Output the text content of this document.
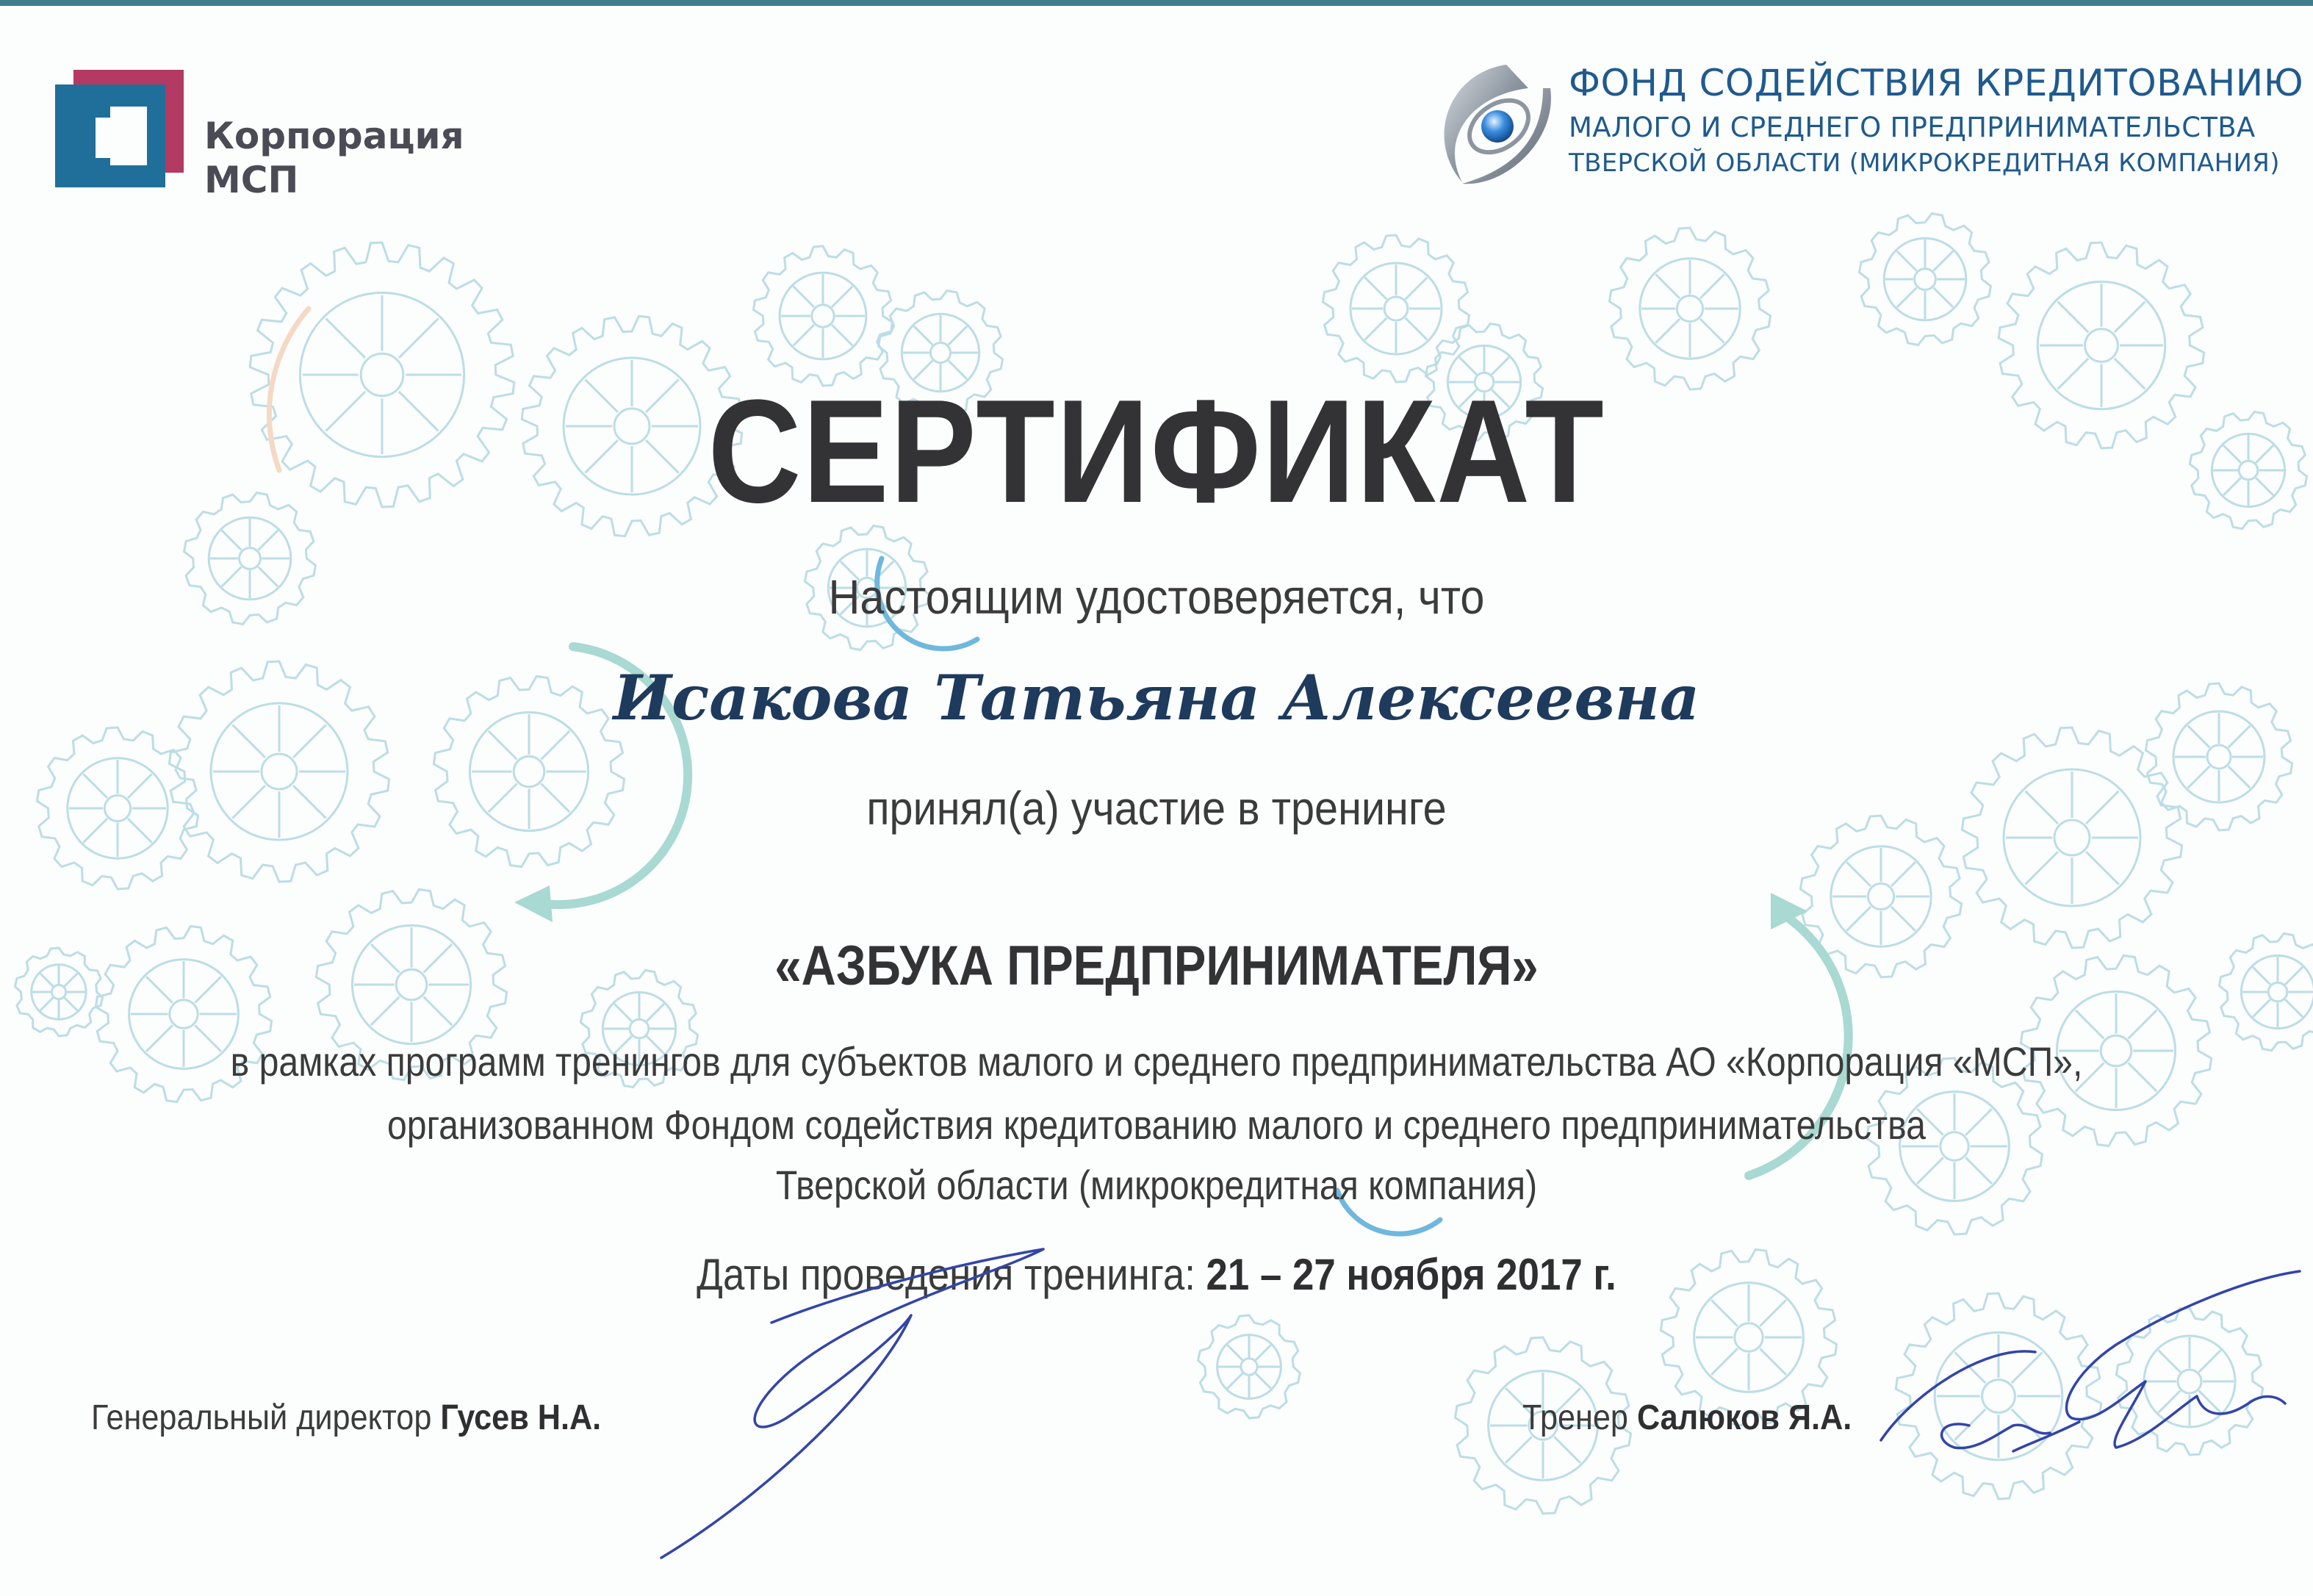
Корпорация
МСП
ФОНД СОДЕЙСТВИЯ КРЕДИТОВАНИЮ
МАЛОГО И СРЕДНЕГО ПРЕДПРИНИМАТЕЛЬСТВА
ТВЕРСКОЙ ОБЛАСТИ (МИКРОКРЕДИТНАЯ КОМПАНИЯ)
СЕРТИФИКАТ
Настоящим удостоверяется, что
Исакова Татьяна Алексеевна
принял(а) участие в тренинге
«АЗБУКА ПРЕДПРИНИМАТЕЛЯ»
в рамках программ тренингов для субъектов малого и среднего предпринимательства АО «Корпорация «МСП»,
организованном Фондом содействия кредитованию малого и среднего предпринимательства
Тверской области (микрокредитная компания)
Даты проведения тренинга: 21 – 27 ноября 2017 г.
Генеральный директор Гусев Н.А.	Тренер Салюков Я.А.
